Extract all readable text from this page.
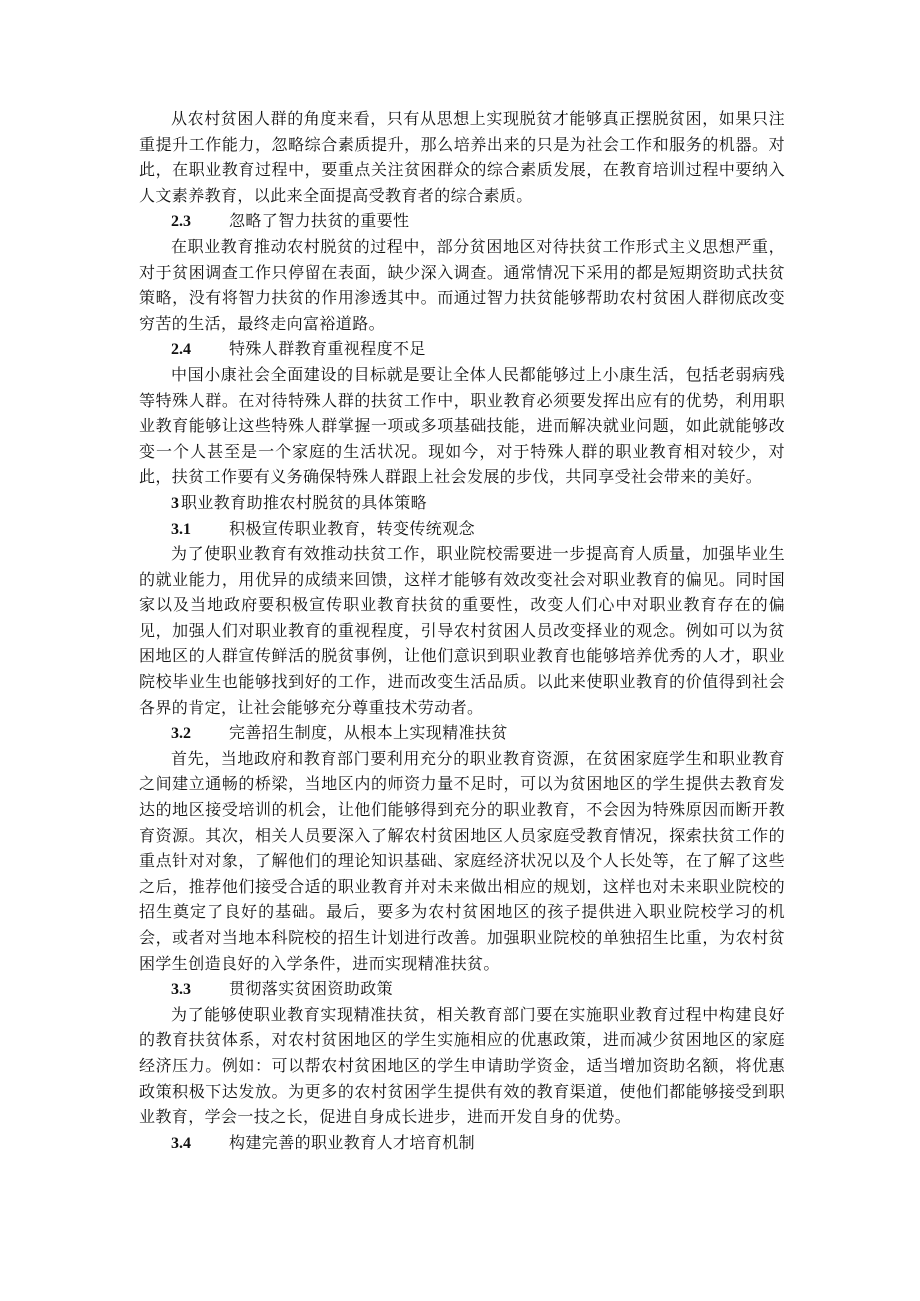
从农村贫困人群的角度来看，只有从思想上实现脱贫才能够真正摆脱贫困，如果只注重提升工作能力，忽略综合素质提升，那么培养出来的只是为社会工作和服务的机器。对此，在职业教育过程中，要重点关注贫困群众的综合素质发展，在教育培训过程中要纳入人文素养教育，以此来全面提高受教育者的综合素质。

2.3 忽略了智力扶贫的重要性

在职业教育推动农村脱贫的过程中，部分贫困地区对待扶贫工作形式主义思想严重，对于贫困调查工作只停留在表面，缺少深入调查。通常情况下采用的都是短期资助式扶贫策略，没有将智力扶贫的作用渗透其中。而通过智力扶贫能够帮助农村贫困人群彻底改变穷苦的生活，最终走向富裕道路。

2.4 特殊人群教育重视程度不足

中国小康社会全面建设的目标就是要让全体人民都能够过上小康生活，包括老弱病残等特殊人群。在对待特殊人群的扶贫工作中，职业教育必须要发挥出应有的优势，利用职业教育能够让这些特殊人群掌握一项或多项基础技能，进而解决就业问题，如此就能够改变一个人甚至是一个家庭的生活状况。现如今，对于特殊人群的职业教育相对较少，对此，扶贫工作要有义务确保特殊人群跟上社会发展的步伐，共同享受社会带来的美好。

3 职业教育助推农村脱贫的具体策略
3.1 积极宣传职业教育，转变传统观念

为了使职业教育有效推动扶贫工作，职业院校需要进一步提高育人质量，加强毕业生的就业能力，用优异的成绩来回馈，这样才能够有效改变社会对职业教育的偏见。同时国家以及当地政府要积极宣传职业教育扶贫的重要性，改变人们心中对职业教育存在的偏见，加强人们对职业教育的重视程度，引导农村贫困人员改变择业的观念。例如可以为贫困地区的人群宣传鲜活的脱贫事例，让他们意识到职业教育也能够培养优秀的人才，职业院校毕业生也能够找到好的工作，进而改变生活品质。以此来使职业教育的价值得到社会各界的肯定，让社会能够充分尊重技术劳动者。

3.2 完善招生制度，从根本上实现精准扶贫

首先，当地政府和教育部门要利用充分的职业教育资源，在贫困家庭学生和职业教育之间建立通畅的桥梁，当地区内的师资力量不足时，可以为贫困地区的学生提供去教育发达的地区接受培训的机会，让他们能够得到充分的职业教育，不会因为特殊原因而断开教育资源。其次，相关人员要深入了解农村贫困地区人员家庭受教育情况，探索扶贫工作的重点针对对象，了解他们的理论知识基础、家庭经济状况以及个人长处等，在了解了这些之后，推荐他们接受合适的职业教育并对未来做出相应的规划，这样也对未来职业院校的招生奠定了良好的基础。最后，要多为农村贫困地区的孩子提供进入职业院校学习的机会，或者对当地本科院校的招生计划进行改善。加强职业院校的单独招生比重，为农村贫困学生创造良好的入学条件，进而实现精准扶贫。

3.3 贯彻落实贫困资助政策

为了能够使职业教育实现精准扶贫，相关教育部门要在实施职业教育过程中构建良好的教育扶贫体系，对农村贫困地区的学生实施相应的优惠政策，进而减少贫困地区的家庭经济压力。例如：可以帮农村贫困地区的学生申请助学资金，适当增加资助名额，将优惠政策积极下达发放。为更多的农村贫困学生提供有效的教育渠道，使他们都能够接受到职业教育，学会一技之长，促进自身成长进步，进而开发自身的优势。

3.4 构建完善的职业教育人才培育机制
